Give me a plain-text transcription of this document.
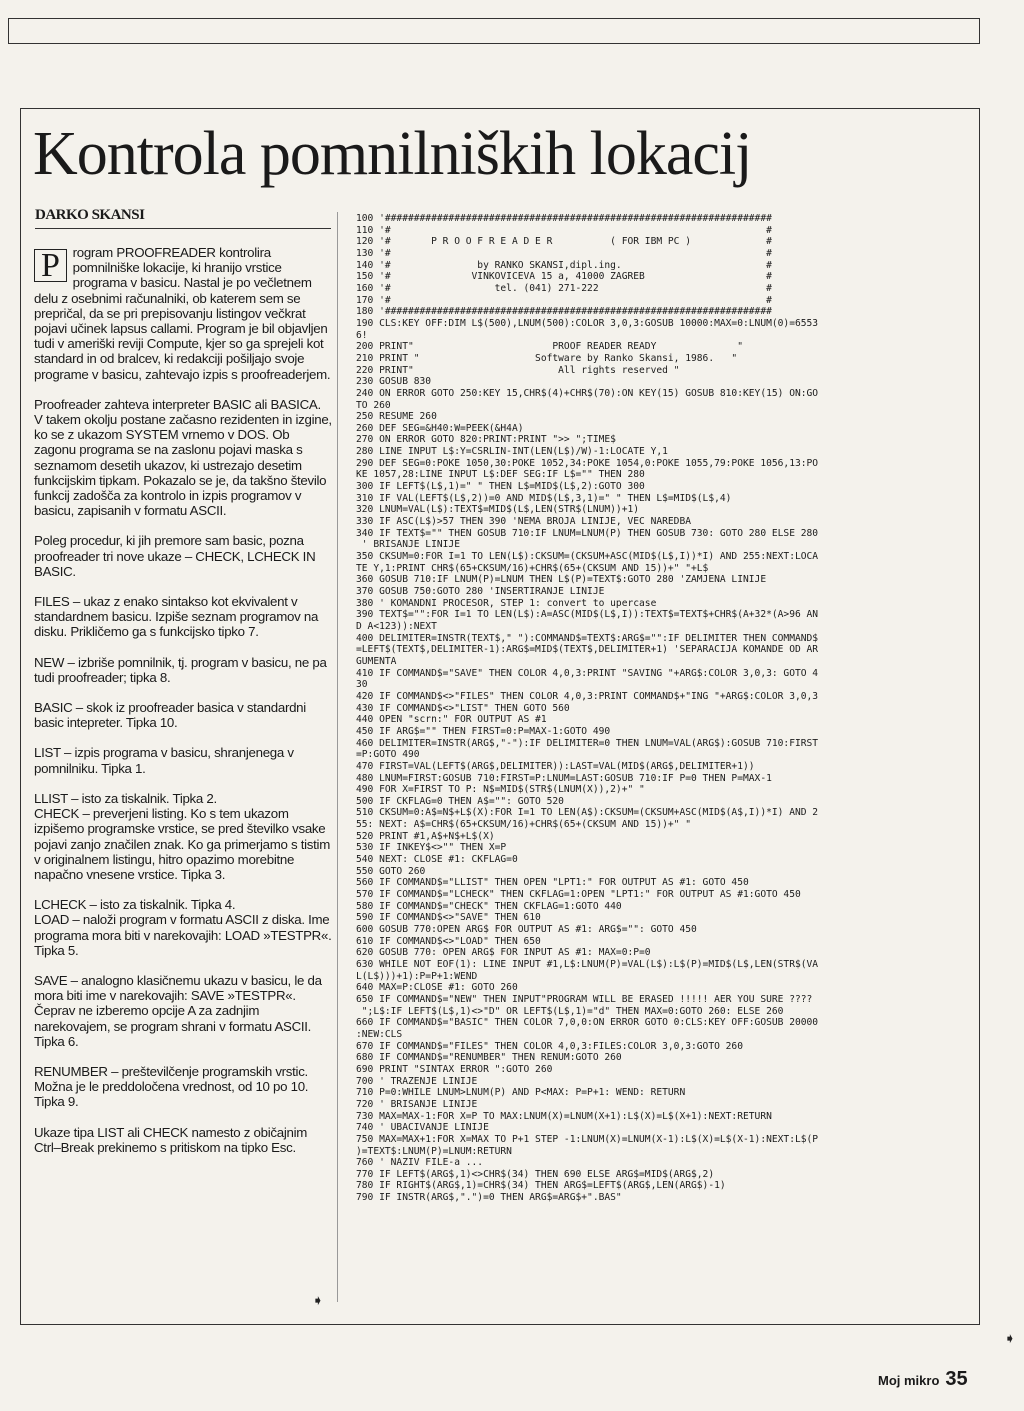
Kontrola pomnilniških lokacij
DARKO SKANSI

P rogram PROOFREADER kontrolira pomnilniške lokacije, ki hranijo vrstice programa v basicu. Nastal je po večletnem delu z osebnimi računalniki, ob katerem sem se prepričal, da se pri prepisovanju listingov večkrat pojavi učinek lapsus callami. Program je bil objavljen tudi v ameriški reviji Compute, kjer so ga sprejeli kot standard in od bralcev, ki redakciji pošiljajo svoje programe v basicu, zahtevajo izpis s proofreaderjem.

Proofreader zahteva interpreter BASIC ali BASICA. V takem okolju postane začasno rezidenten in izgine, ko se z ukazom SYSTEM vrnemo v DOS. Ob zagonu programa se na zaslonu pojavi maska s seznamom desetih ukazov, ki ustrezajo desetim funkcijskim tipkam. Pokazalo se je, da takšno število funkcij zadošča za kontrolo in izpis programov v basicu, zapisanih v formatu ASCII.

Poleg procedur, ki jih premore sam basic, pozna proofreader tri nove ukaze – CHECK, LCHECK IN BASIC.

FILES – ukaz z enako sintakso kot ekvivalent v standardnem basicu. Izpiše seznam programov na disku. Prikličemo ga s funkcijsko tipko 7.

NEW – izbriše pomnilnik, tj. program v basicu, ne pa tudi proofreader; tipka 8.

BASIC – skok iz proofreader basica v standardni basic intepreter. Tipka 10.

LIST – izpis programa v basicu, shranjenega v pomnilniku. Tipka 1.

LLIST – isto za tiskalnik. Tipka 2.
CHECK – preverjeni listing. Ko s tem ukazom izpišemo programske vrstice, se pred številko vsake pojavi zanjo značilen znak. Ko ga primerjamo s tistim v originalnem listingu, hitro opazimo morebitne napačno vnesene vrstice. Tipka 3.

LCHECK – isto za tiskalnik. Tipka 4.
LOAD – naloži program v formatu ASCII z diska. Ime programa mora biti v narekovajih: LOAD »TESTPR«. Tipka 5.

SAVE – analogno klasičnemu ukazu v basicu, le da mora biti ime v narekovajih: SAVE »TESTPR«. Čeprav ne izberemo opcije A za zadnjim narekovajem, se program shrani v formatu ASCII. Tipka 6.

RENUMBER – preštevilčenje programskih vrstic. Možna je le preddoločena vrednost, od 10 po 10. Tipka 9.

Ukaze tipa LIST ali CHECK namesto z običajnim Ctrl–Break prekinemo s pritiskom na tipko Esc.

100 '###################################################################
110 '#                                                                 #
120 '#       P R O O F R E A D E R          ( FOR IBM PC )             #
130 '#                                                                 #
140 '#               by RANKO SKANSI,dipl.ing.                         #
150 '#              VINKOVICEVA 15 a, 41000 ZAGREB                     #
160 '#                  tel. (041) 271-222                             #
170 '#                                                                 #
180 '###################################################################
190 CLS:KEY OFF:DIM L$(500),LNUM(500):COLOR 3,0,3:GOSUB 10000:MAX=0:LNUM(0)=6553
6!
200 PRINT"                        PROOF READER READY              "
210 PRINT "                    Software by Ranko Skansi, 1986.   "
220 PRINT"                         All rights reserved "
230 GOSUB 830
240 ON ERROR GOTO 250:KEY 15,CHR$(4)+CHR$(70):ON KEY(15) GOSUB 810:KEY(15) ON:GO
TO 260
250 RESUME 260
260 DEF SEG=&H40:W=PEEK(&H4A)
270 ON ERROR GOTO 820:PRINT:PRINT ">> ";TIME$
280 LINE INPUT L$:Y=CSRLIN-INT(LEN(L$)/W)-1:LOCATE Y,1
290 DEF SEG=0:POKE 1050,30:POKE 1052,34:POKE 1054,0:POKE 1055,79:POKE 1056,13:PO
KE 1057,28:LINE INPUT L$:DEF SEG:IF L$="" THEN 280
300 IF LEFT$(L$,1)=" " THEN L$=MID$(L$,2):GOTO 300
310 IF VAL(LEFT$(L$,2))=0 AND MID$(L$,3,1)=" " THEN L$=MID$(L$,4)
320 LNUM=VAL(L$):TEXT$=MID$(L$,LEN(STR$(LNUM))+1)
330 IF ASC(L$)>57 THEN 390 'NEMA BROJA LINIJE, VEC NAREDBA
340 IF TEXT$="" THEN GOSUB 710:IF LNUM=LNUM(P) THEN GOSUB 730: GOTO 280 ELSE 280
' BRISANJE LINIJE
350 CKSUM=0:FOR I=1 TO LEN(L$):CKSUM=(CKSUM+ASC(MID$(L$,I))*I) AND 255:NEXT:LOCA
TE Y,1:PRINT CHR$(65+CKSUM/16)+CHR$(65+(CKSUM AND 15))+" "+L$
360 GOSUB 710:IF LNUM(P)=LNUM THEN L$(P)=TEXT$:GOTO 280 'ZAMJENA LINIJE
370 GOSUB 750:GOTO 280 'INSERTIRANJE LINIJE
380 ' KOMANDNI PROCESOR, STEP 1: convert to upercase
390 TEXT$="":FOR I=1 TO LEN(L$):A=ASC(MID$(L$,I)):TEXT$=TEXT$+CHR$(A+32*(A>96 AN
D A<123)):NEXT
400 DELIMITER=INSTR(TEXT$," "):COMMAND$=TEXT$:ARG$="":IF DELIMITER THEN COMMAND$
=LEFT$(TEXT$,DELIMITER-1):ARG$=MID$(TEXT$,DELIMITER+1) 'SEPARACIJA KOMANDE OD AR
GUMENTA
410 IF COMMAND$="SAVE" THEN COLOR 4,0,3:PRINT "SAVING "+ARG$:COLOR 3,0,3: GOTO 4
30
420 IF COMMAND$<>"FILES" THEN COLOR 4,0,3:PRINT COMMAND$+"ING "+ARG$:COLOR 3,0,3
430 IF COMMAND$<>"LIST" THEN GOTO 560
440 OPEN "scrn:" FOR OUTPUT AS #1
450 IF ARG$="" THEN FIRST=0:P=MAX-1:GOTO 490
460 DELIMITER=INSTR(ARG$,"-"):IF DELIMITER=0 THEN LNUM=VAL(ARG$):GOSUB 710:FIRST
=P:GOTO 490
470 FIRST=VAL(LEFT$(ARG$,DELIMITER)):LAST=VAL(MID$(ARG$,DELIMITER+1))
480 LNUM=FIRST:GOSUB 710:FIRST=P:LNUM=LAST:GOSUB 710:IF P=0 THEN P=MAX-1
490 FOR X=FIRST TO P: N$=MID$(STR$(LNUM(X)),2)+" "
500 IF CKFLAG=0 THEN A$="": GOTO 520
510 CKSUM=0:A$=N$+L$(X):FOR I=1 TO LEN(A$):CKSUM=(CKSUM+ASC(MID$(A$,I))*I) AND 2
55: NEXT: A$=CHR$(65+CKSUM/16)+CHR$(65+(CKSUM AND 15))+" "
520 PRINT #1,A$+N$+L$(X)
530 IF INKEY$<>"" THEN X=P
540 NEXT: CLOSE #1: CKFLAG=0
550 GOTO 260
560 IF COMMAND$="LLIST" THEN OPEN "LPT1:" FOR OUTPUT AS #1: GOTO 450
570 IF COMMAND$="LCHECK" THEN CKFLAG=1:OPEN "LPT1:" FOR OUTPUT AS #1:GOTO 450
580 IF COMMAND$="CHECK" THEN CKFLAG=1:GOTO 440
590 IF COMMAND$<>"SAVE" THEN 610
600 GOSUB 770:OPEN ARG$ FOR OUTPUT AS #1: ARG$="": GOTO 450
610 IF COMMAND$<>"LOAD" THEN 650
620 GOSUB 770: OPEN ARG$ FOR INPUT AS #1: MAX=0:P=0
630 WHILE NOT EOF(1): LINE INPUT #1,L$:LNUM(P)=VAL(L$):L$(P)=MID$(L$,LEN(STR$(VA
L(L$)))+1):P=P+1:WEND
640 MAX=P:CLOSE #1: GOTO 260
650 IF COMMAND$="NEW" THEN INPUT"PROGRAM WILL BE ERASED !!!!! AER YOU SURE ????
";L$:IF LEFT$(L$,1)<>"D" OR LEFT$(L$,1)="d" THEN MAX=0:GOTO 260: ELSE 260
660 IF COMMAND$="BASIC" THEN COLOR 7,0,0:ON ERROR GOTO 0:CLS:KEY OFF:GOSUB 20000
:NEW:CLS
670 IF COMMAND$="FILES" THEN COLOR 4,0,3:FILES:COLOR 3,0,3:GOTO 260
680 IF COMMAND$="RENUMBER" THEN RENUM:GOTO 260
690 PRINT "SINTAX ERROR ":GOTO 260
700 ' TRAZENJE LINIJE
710 P=0:WHILE LNUM>LNUM(P) AND P<MAX: P=P+1: WEND: RETURN
720 ' BRISANJE LINIJE
730 MAX=MAX-1:FOR X=P TO MAX:LNUM(X)=LNUM(X+1):L$(X)=L$(X+1):NEXT:RETURN
740 ' UBACIVANJE LINIJE
750 MAX=MAX+1:FOR X=MAX TO P+1 STEP -1:LNUM(X)=LNUM(X-1):L$(X)=L$(X-1):NEXT:L$(P
)=TEXT$:LNUM(P)=LNUM:RETURN
760 ' NAZIV FILE-a ...
770 IF LEFT$(ARG$,1)<>CHR$(34) THEN 690 ELSE ARG$=MID$(ARG$,2)
780 IF RIGHT$(ARG$,1)=CHR$(34) THEN ARG$=LEFT$(ARG$,LEN(ARG$)-1)
790 IF INSTR(ARG$,".")=0 THEN ARG$=ARG$+".BAS"
➧
➧
Moj mikro 35
